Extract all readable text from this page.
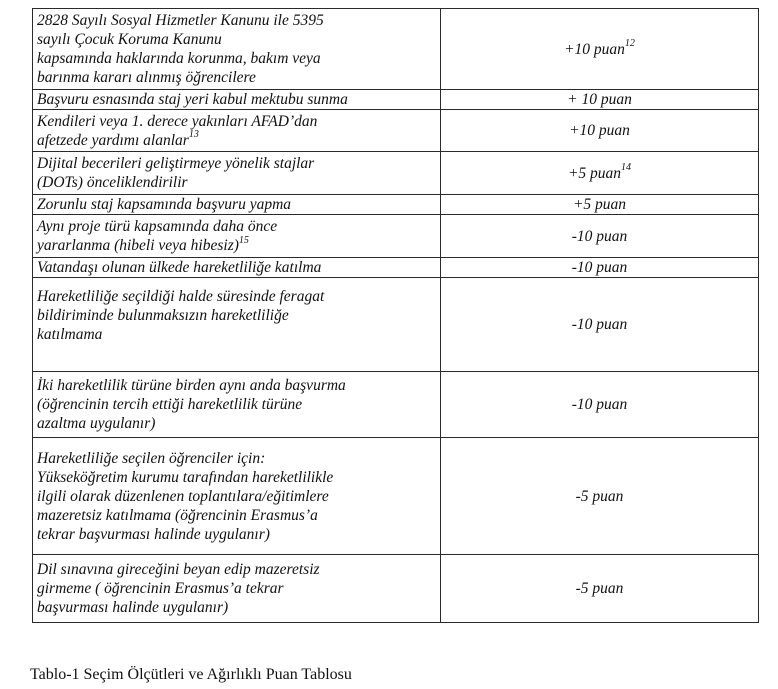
2828 Sayılı Sosyal Hizmetler Kanunu ile 5395
sayılı Çocuk Koruma Kanunu
kapsamında haklarında korunma, bakım veya
barınma kararı alınmış öğrencilere	+10 puan$^{12}$

Başvuru esnasında staj yeri kabul mektubu sunma	+ 10 puan

Kendileri veya 1. derece yakınları AFAD’dan
afetzede yardımı alanlar$^{13}$	+10 puan

Dijital becerileri geliştirmeye yönelik stajlar
(DOTs) önceliklendirilir	+5 puan$^{14}$

Zorunlu staj kapsamında başvuru yapma	+5 puan

Aynı proje türü kapsamında daha önce
yararlanma (hibeli veya hibesiz)$^{15}$	-10 puan

Vatandaşı olunan ülkede hareketliliğe katılma	-10 puan

Hareketliliğe seçildiği halde süresinde feragat
bildiriminde bulunmaksızın hareketliliğe
katılmama	-10 puan

İki hareketlilik türüne birden aynı anda başvurma
(öğrencinin tercih ettiği hareketlilik türüne
azaltma uygulanır)	-10 puan

Hareketliliğe seçilen öğrenciler için:
Yükseköğretim kurumu tarafından hareketlilikle
ilgili olarak düzenlenen toplantılara/eğitimlere
mazeretsiz katılmama (öğrencinin Erasmus’a
tekrar başvurması halinde uygulanır)	-5 puan

Dil sınavına gireceğini beyan edip mazeretsiz
girmeme ( öğrencinin Erasmus’a tekrar
başvurması halinde uygulanır)	-5 puan
Tablo-1 Seçim Ölçütleri ve Ağırlıklı Puan Tablosu
